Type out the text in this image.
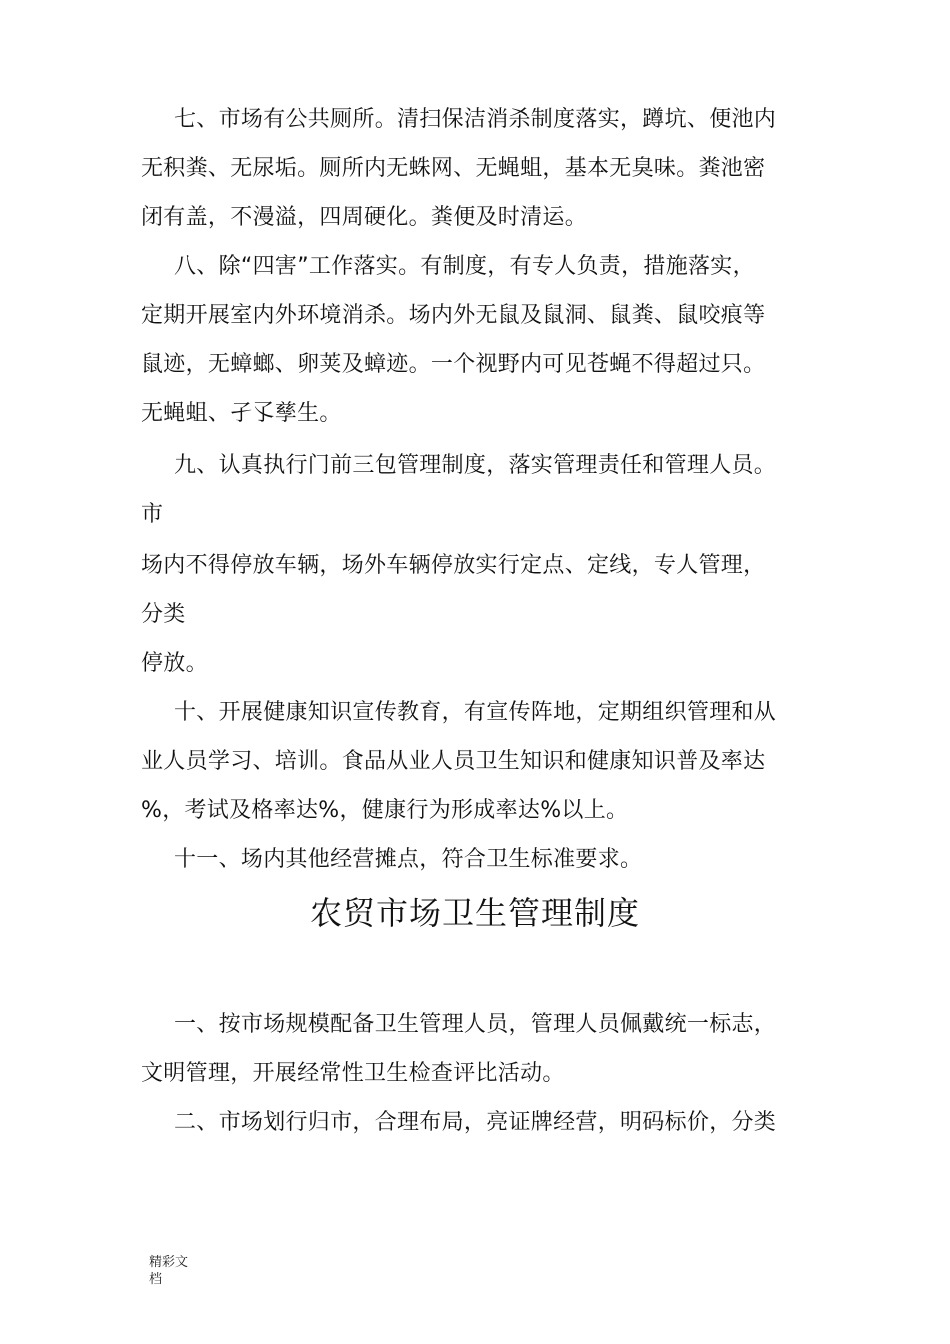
七、市场有公共厕所。清扫保洁消杀制度落实，蹲坑、便池内
无积粪、无尿垢。厕所内无蛛网、无蝇蛆，基本无臭味。粪池密
闭有盖，不漫溢，四周硬化。粪便及时清运。
八、除“四害”工作落实。有制度，有专人负责，措施落实，
定期开展室内外环境消杀。场内外无鼠及鼠洞、鼠粪、鼠咬痕等
鼠迹，无蟑螂、卵荚及蟑迹。一个视野内可见苍蝇不得超过只。
无蝇蛆、孑孓孳生。
九、认真执行门前三包管理制度，落实管理责任和管理人员。
市
场内不得停放车辆，场外车辆停放实行定点、定线，专人管理，
分类
停放。
十、开展健康知识宣传教育，有宣传阵地，定期组织管理和从
业人员学习、培训。食品从业人员卫生知识和健康知识普及率达
%，考试及格率达%，健康行为形成率达%以上。
十一、场内其他经营摊点，符合卫生标准要求。
农贸市场卫生管理制度
一、按市场规模配备卫生管理人员，管理人员佩戴统一标志，
文明管理，开展经常性卫生检查评比活动。
二、市场划行归市，合理布局，亮证牌经营，明码标价，分类
精彩文
档
